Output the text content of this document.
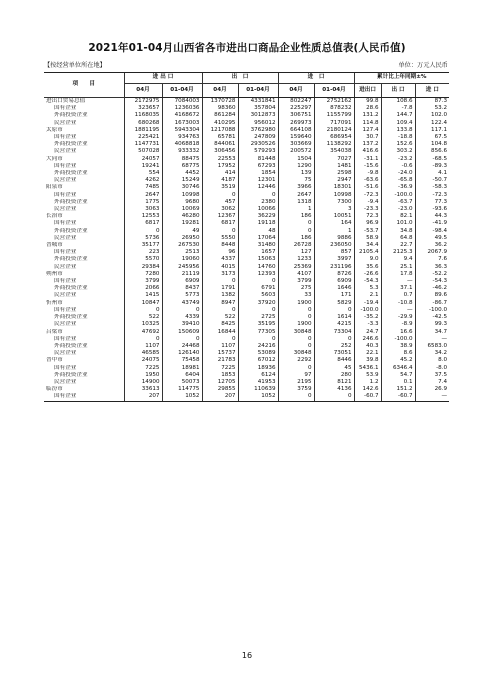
2021年01-04月山西省各市进出口商品企业性质总值表(人民币值)
【按经营单位所在地】	单位：万元人民币
项　　目	进 出 口		出　口		进　口		累计比上年同期±%		
	04月	01-04月	04月	01-04月	04月	01-04月	进出口	出 口	进 口
进出口贸易总值	2172975	7084003	1370728	4331841	802247	2752162	99.8	108.6	87.3
国有企业	323657	1236036	98360	357804	225297	878232	28.6	-7.8	53.2
外商投资企业	1168035	4168672	861284	3012873	306751	1155799	131.2	144.7	102.0
民营企业	680268	1673003	410295	956012	269973	717091	114.8	109.4	122.4
太原市	1881195	5943304	1217088	3762980	664108	2180124	127.4	133.8	117.1
国有企业	225421	934763	65781	247809	159640	686954	30.7	-18.8	67.5
外商投资企业	1147731	4068818	844061	2930526	303669	1138292	137.2	152.6	104.8
民营企业	507028	933332	306456	579293	200572	354038	416.6	303.2	856.6
大同市	24057	88475	22553	81448	1504	7027	-31.1	-23.2	-68.5
国有企业	19241	68775	17952	67293	1290	1481	-15.6	-0.6	-89.3
外商投资企业	554	4452	414	1854	139	2598	-9.8	-24.0	4.1
民营企业	4262	15249	4187	12301	75	2947	-63.6	-65.8	-50.7
阳泉市	7485	30746	3519	12446	3966	18301	-51.6	-36.9	-58.3
国有企业	2647	10998	0	0	2647	10998	-72.3	-100.0	-72.3
外商投资企业	1775	9680	457	2380	1318	7300	-9.4	-63.7	77.3
民营企业	3063	10069	3062	10066	1	3	-23.3	-23.0	-93.6
长治市	12553	46280	12367	36229	186	10051	72.3	82.1	44.3
国有企业	6817	19281	6817	19118	0	164	96.9	101.0	-41.9
外商投资企业	0	49	0	48	0	1	-53.7	34.8	-98.4
民营企业	5736	26950	5550	17064	186	9886	58.9	64.8	49.5
晋城市	35177	267530	8448	31480	26728	236050	34.4	22.7	36.2
国有企业	223	2513	96	1657	127	857	2105.4	2125.3	2067.9
外商投资企业	5570	19060	4337	15063	1233	3997	9.0	9.4	7.6
民营企业	29384	245956	4015	14760	25369	231196	35.6	25.1	36.3
朔州市	7280	21119	3173	12393	4107	8726	-26.6	17.8	-52.2
国有企业	3799	6909	0	0	3799	6909	-54.3	—	-54.3
外商投资企业	2066	8437	1791	6791	275	1646	5.3	37.1	-46.2
民营企业	1415	5773	1382	5603	33	171	2.1	0.7	89.6
忻州市	10847	43749	8947	37920	1900	5829	-19.4	-10.8	-86.7
国有企业	0	0	0	0	0	0	-100.0	—	-100.0
外商投资企业	522	4339	522	2725	0	1614	-35.2	-29.9	-42.5
民营企业	10325	39410	8425	35195	1900	4215	-3.3	-8.9	99.3
吕梁市	47692	150609	16844	77305	30848	73304	24.7	16.6	34.7
国有企业	0	0	0	0	0	0	246.6	-100.0	—
外商投资企业	1107	24468	1107	24216	0	252	40.3	38.9	6583.0
民营企业	46585	126140	15737	53089	30848	73051	22.1	8.6	34.2
晋中市	24075	75458	21783	67012	2292	8446	39.8	45.2	8.0
国有企业	7225	18981	7225	18936	0	45	5436.1	6346.4	-8.0
外商投资企业	1950	6404	1853	6124	97	280	53.9	54.7	37.5
民营企业	14900	50073	12705	41953	2195	8121	1.2	0.1	7.4
临汾市	33613	114775	29855	110639	3759	4136	142.6	151.2	26.9
国有企业	207	1052	207	1052	0	0	-60.7	-60.7	—
16
